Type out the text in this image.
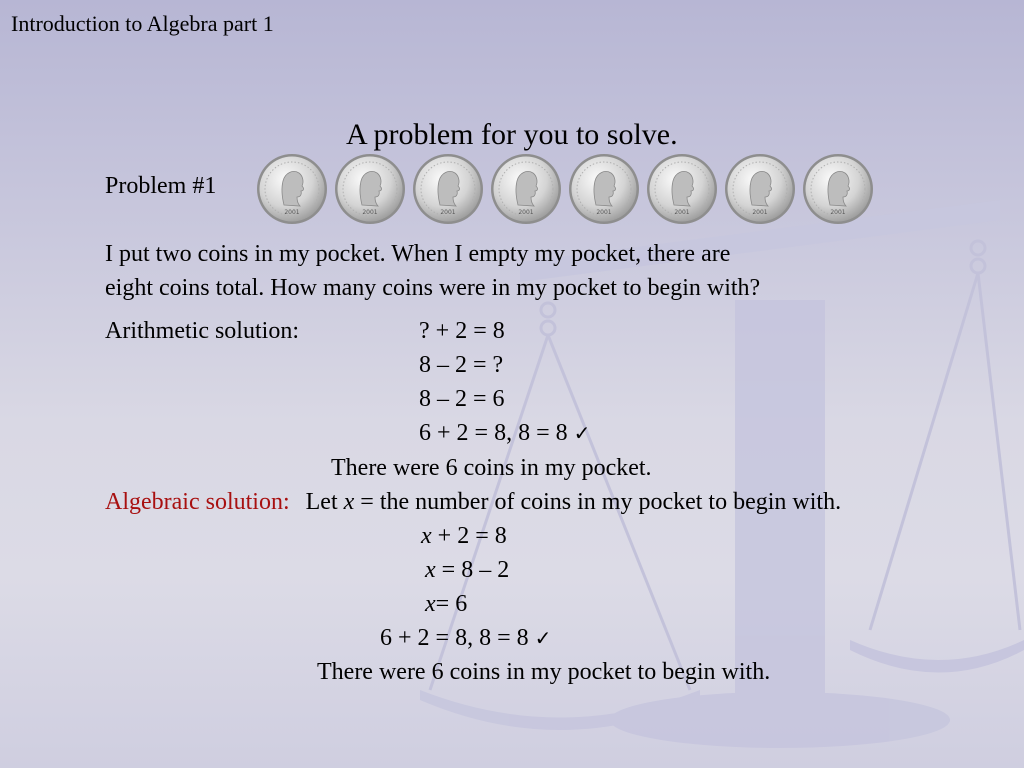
Introduction to Algebra part 1
A problem for you to solve.
Problem #1
2001	2001	2001	2001	2001	2001	2001	2001
I put two coins in my pocket. When I empty my pocket, there are
eight coins total. How many coins were in my pocket to begin with?
Arithmetic solution:	? + 2 = 8
8 – 2 = ?
8 – 2 = 6
6 + 2 = 8, 8 = 8 ✓
There were 6 coins in my pocket.
Algebraic solution: Let x = the number of coins in my pocket to begin with.
x + 2 = 8
x = 8 – 2
x= 6
6 + 2 = 8, 8 = 8 ✓
There were 6 coins in my pocket to begin with.
